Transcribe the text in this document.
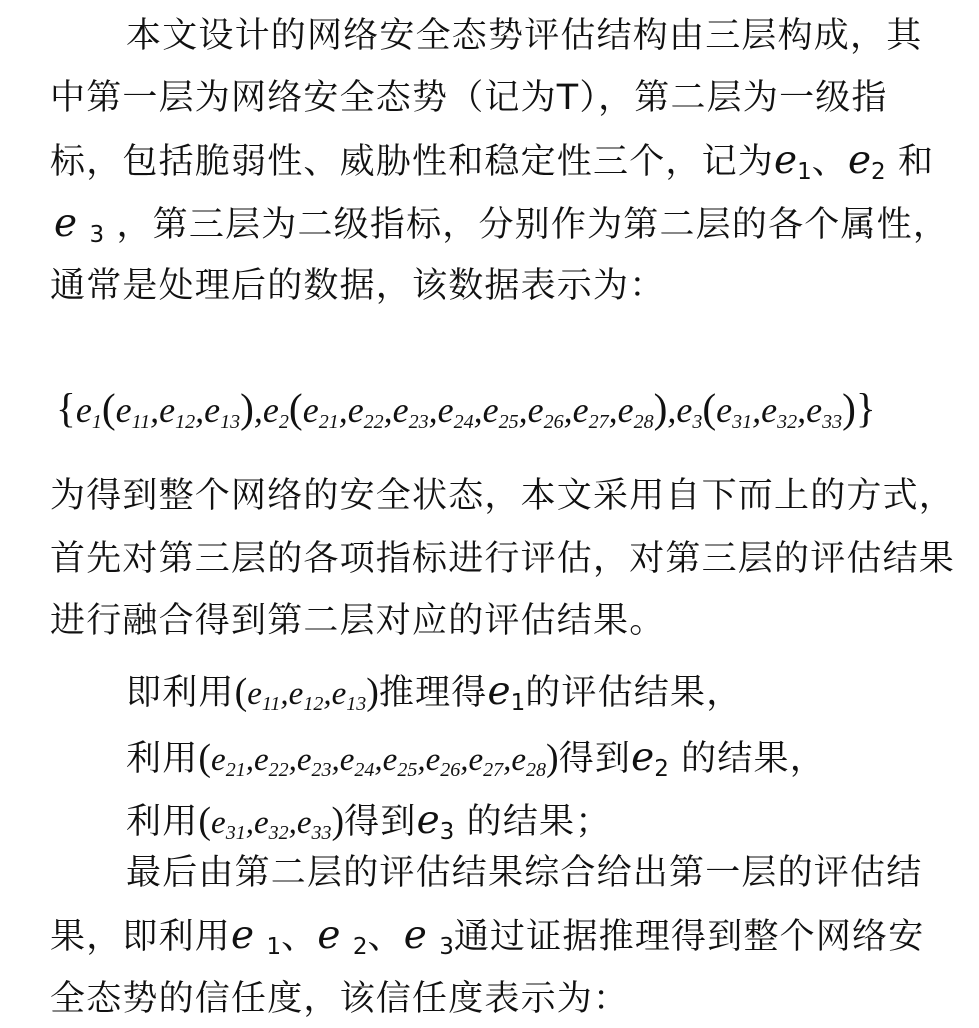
本文设计的网络安全态势评估结构由三层构成，其
中第一层为网络安全态势（记为T），第二层为一级指
标，包括脆弱性、威胁性和稳定性三个，记为$e_1$、$e_2$ 和
e $_3$ ，第三层为二级指标，分别作为第二层的各个属性，
通常是处理后的数据，该数据表示为：
$\{e_1(e_{11},e_{12},e_{13}),e_2(e_{21},e_{22},e_{23},e_{24},e_{25},e_{26},e_{27},e_{28}),e_3(e_{31},e_{32},e_{33})\}$
为得到整个网络的安全状态，本文采用自下而上的方式，
首先对第三层的各项指标进行评估，对第三层的评估结果
进行融合得到第二层对应的评估结果。
即利用$(e_{11},e_{12},e_{13})$推理得$e_1$的评估结果，
利用$(e_{21},e_{22},e_{23},e_{24},e_{25},e_{26},e_{27},e_{28})$得到$e_2$ 的结果，
利用$(e_{31},e_{32},e_{33})$得到$e_3$ 的结果；
最后由第二层的评估结果综合给出第一层的评估结
果，即利用e $_1$、e $_2$、e $_3$通过证据推理得到整个网络安
全态势的信任度，该信任度表示为：
